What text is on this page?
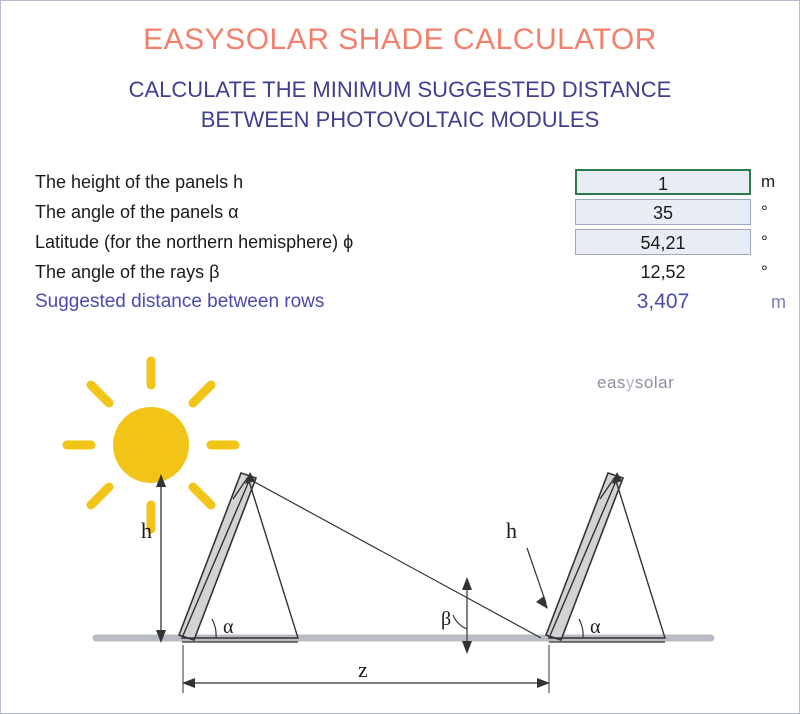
EASYSOLAR SHADE CALCULATOR
CALCULATE THE MINIMUM SUGGESTED DISTANCE
BETWEEN PHOTOVOLTAIC MODULES
The height of the panels h	1	m
The angle of the panels α	35	°
Latitude (for the northern hemisphere) ϕ	54,21	°
The angle of the rays β	12,52	°
Suggested distance between rows	3,407	m
easysolar
h
α	β
h
α
z
